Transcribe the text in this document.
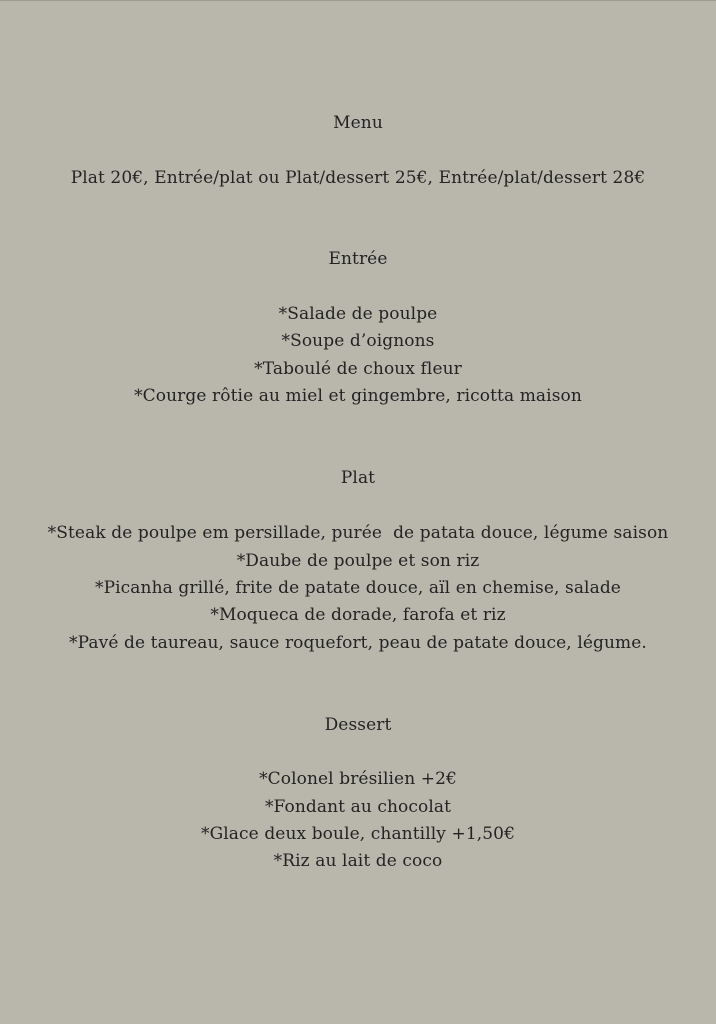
Menu
Plat 20€, Entrée/plat ou Plat/dessert 25€, Entrée/plat/dessert 28€
Entrée
*Salade de poulpe
*Soupe d’oignons
*Taboulé de choux fleur
*Courge rôtie au miel et gingembre, ricotta maison
Plat
*Steak de poulpe em persillade, purée  de patata douce, légume saison
*Daube de poulpe et son riz
*Picanha grillé, frite de patate douce, aïl en chemise, salade
*Moqueca de dorade, farofa et riz
*Pavé de taureau, sauce roquefort, peau de patate douce, légume.
Dessert
*Colonel brésilien +2€
*Fondant au chocolat
*Glace deux boule, chantilly +1,50€
*Riz au lait de coco
